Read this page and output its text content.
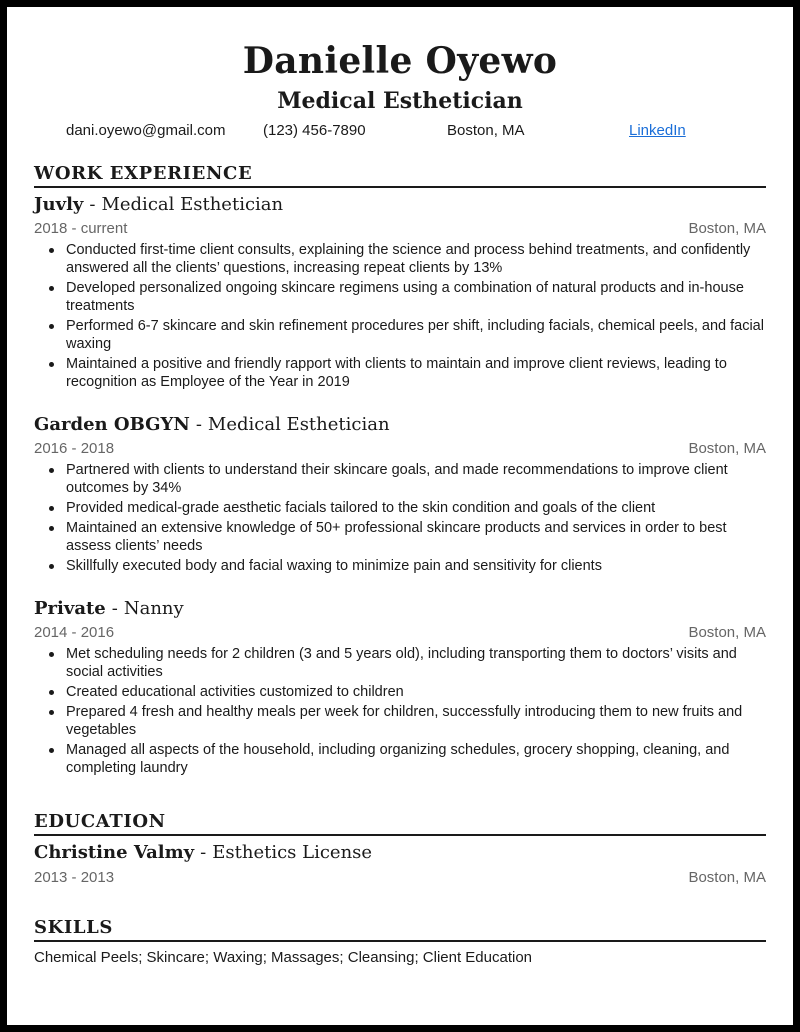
Danielle Oyewo
Medical Esthetician
dani.oyewo@gmail.com	(123) 456-7890	Boston, MA	LinkedIn
WORK EXPERIENCE
Juvly - Medical Esthetician
2018 - current	Boston, MA
Conducted first-time client consults, explaining the science and process behind treatments, and confidently answered all the clients’ questions, increasing repeat clients by 13%
Developed personalized ongoing skincare regimens using a combination of natural products and in-house treatments
Performed 6-7 skincare and skin refinement procedures per shift, including facials, chemical peels, and facial waxing
Maintained a positive and friendly rapport with clients to maintain and improve client reviews, leading to recognition as Employee of the Year in 2019
Garden OBGYN - Medical Esthetician
2016 - 2018	Boston, MA
Partnered with clients to understand their skincare goals, and made recommendations to improve client outcomes by 34%
Provided medical-grade aesthetic facials tailored to the skin condition and goals of the client
Maintained an extensive knowledge of 50+ professional skincare products and services in order to best assess clients’ needs
Skillfully executed body and facial waxing to minimize pain and sensitivity for clients
Private - Nanny
2014 - 2016	Boston, MA
Met scheduling needs for 2 children (3 and 5 years old), including transporting them to doctors’ visits and social activities
Created educational activities customized to children
Prepared 4 fresh and healthy meals per week for children, successfully introducing them to new fruits and vegetables
Managed all aspects of the household, including organizing schedules, grocery shopping, cleaning, and completing laundry
EDUCATION
Christine Valmy - Esthetics License
2013 - 2013	Boston, MA
SKILLS
Chemical Peels; Skincare; Waxing; Massages; Cleansing; Client Education
